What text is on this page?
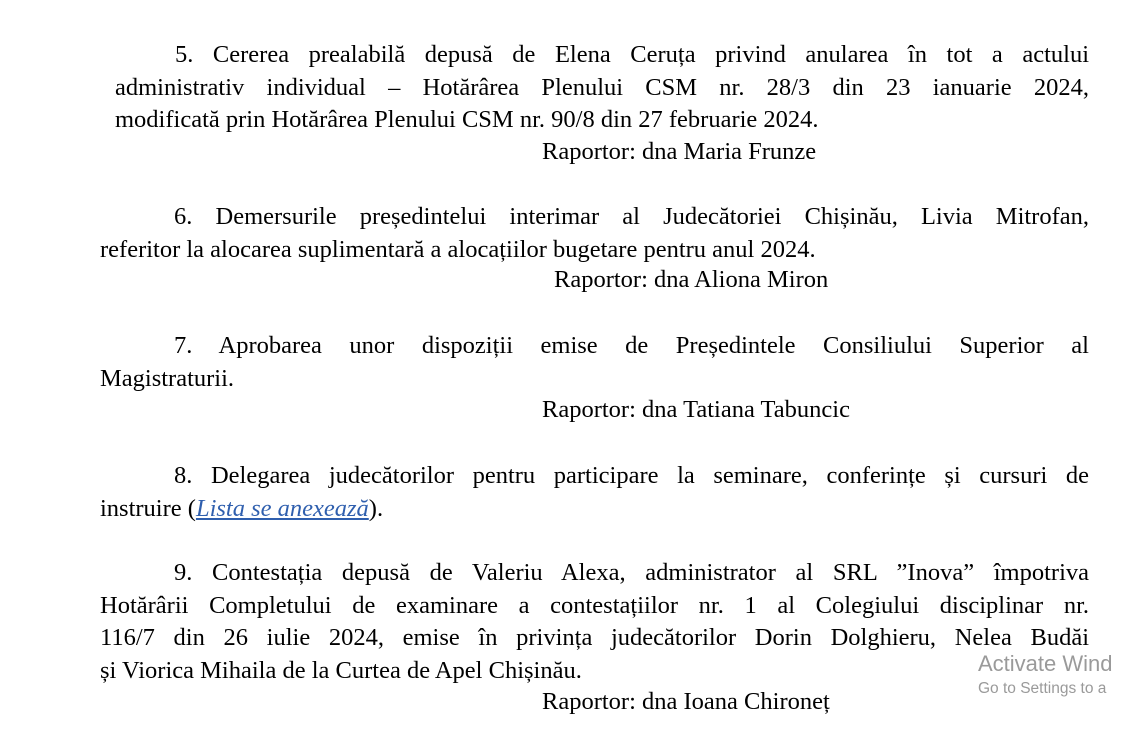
5. Cererea prealabilă depusă de Elena Ceruța privind anularea în tot a actului
administrativ individual – Hotărârea Plenului CSM nr. 28/3 din 23 ianuarie 2024,
modificată prin Hotărârea Plenului CSM nr. 90/8 din 27 februarie 2024.
Raportor: dna Maria Frunze
6. Demersurile președintelui interimar al Judecătoriei Chișinău, Livia Mitrofan,
referitor la alocarea suplimentară a alocațiilor bugetare pentru anul 2024.
Raportor: dna Aliona Miron
7. Aprobarea unor dispoziții emise de Președintele Consiliului Superior al
Magistraturii.
Raportor: dna Tatiana Tabuncic
8. Delegarea judecătorilor pentru participare la seminare, conferințe și cursuri de
instruire (Lista se anexează).
9. Contestația depusă de Valeriu Alexa, administrator al SRL ”Inova” împotriva
Hotărârii Completului de examinare a contestațiilor nr. 1 al Colegiului disciplinar nr.
116/7 din 26 iulie 2024, emise în privința judecătorilor Dorin Dolghieru, Nelea Budăi
și Viorica Mihaila de la Curtea de Apel Chișinău.
Raportor: dna Ioana Chironeț
Activate Wind
Go to Settings to a
